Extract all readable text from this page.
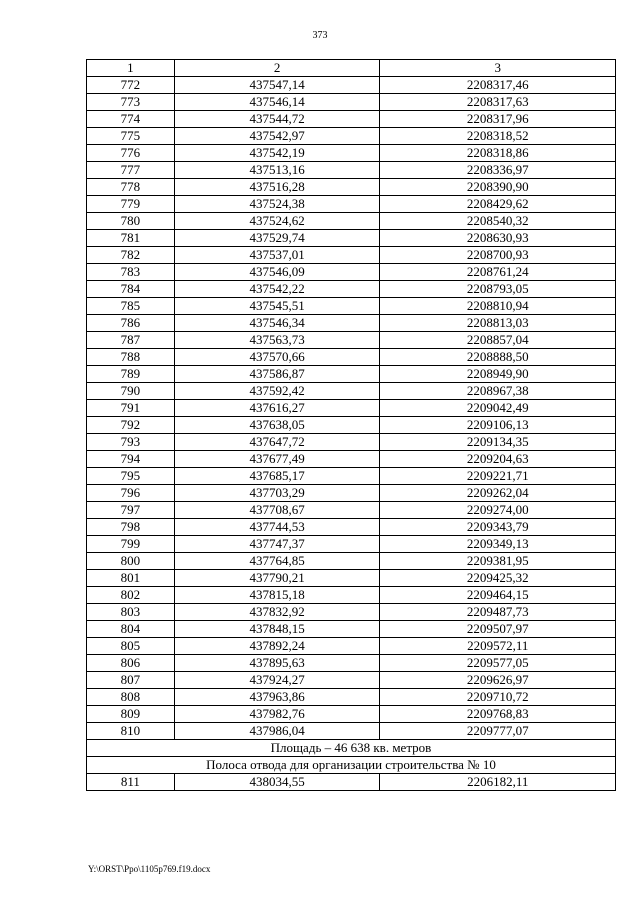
373
1	2	3
772	437547,14	2208317,46
773	437546,14	2208317,63
774	437544,72	2208317,96
775	437542,97	2208318,52
776	437542,19	2208318,86
777	437513,16	2208336,97
778	437516,28	2208390,90
779	437524,38	2208429,62
780	437524,62	2208540,32
781	437529,74	2208630,93
782	437537,01	2208700,93
783	437546,09	2208761,24
784	437542,22	2208793,05
785	437545,51	2208810,94
786	437546,34	2208813,03
787	437563,73	2208857,04
788	437570,66	2208888,50
789	437586,87	2208949,90
790	437592,42	2208967,38
791	437616,27	2209042,49
792	437638,05	2209106,13
793	437647,72	2209134,35
794	437677,49	2209204,63
795	437685,17	2209221,71
796	437703,29	2209262,04
797	437708,67	2209274,00
798	437744,53	2209343,79
799	437747,37	2209349,13
800	437764,85	2209381,95
801	437790,21	2209425,32
802	437815,18	2209464,15
803	437832,92	2209487,73
804	437848,15	2209507,97
805	437892,24	2209572,11
806	437895,63	2209577,05
807	437924,27	2209626,97
808	437963,86	2209710,72
809	437982,76	2209768,83
810	437986,04	2209777,07
Площадь – 46 638 кв. метров		
Полоса отвода для организации строительства № 10		
811	438034,55	2206182,11
Y:\ORST\Ppo\1105p769.f19.docx
